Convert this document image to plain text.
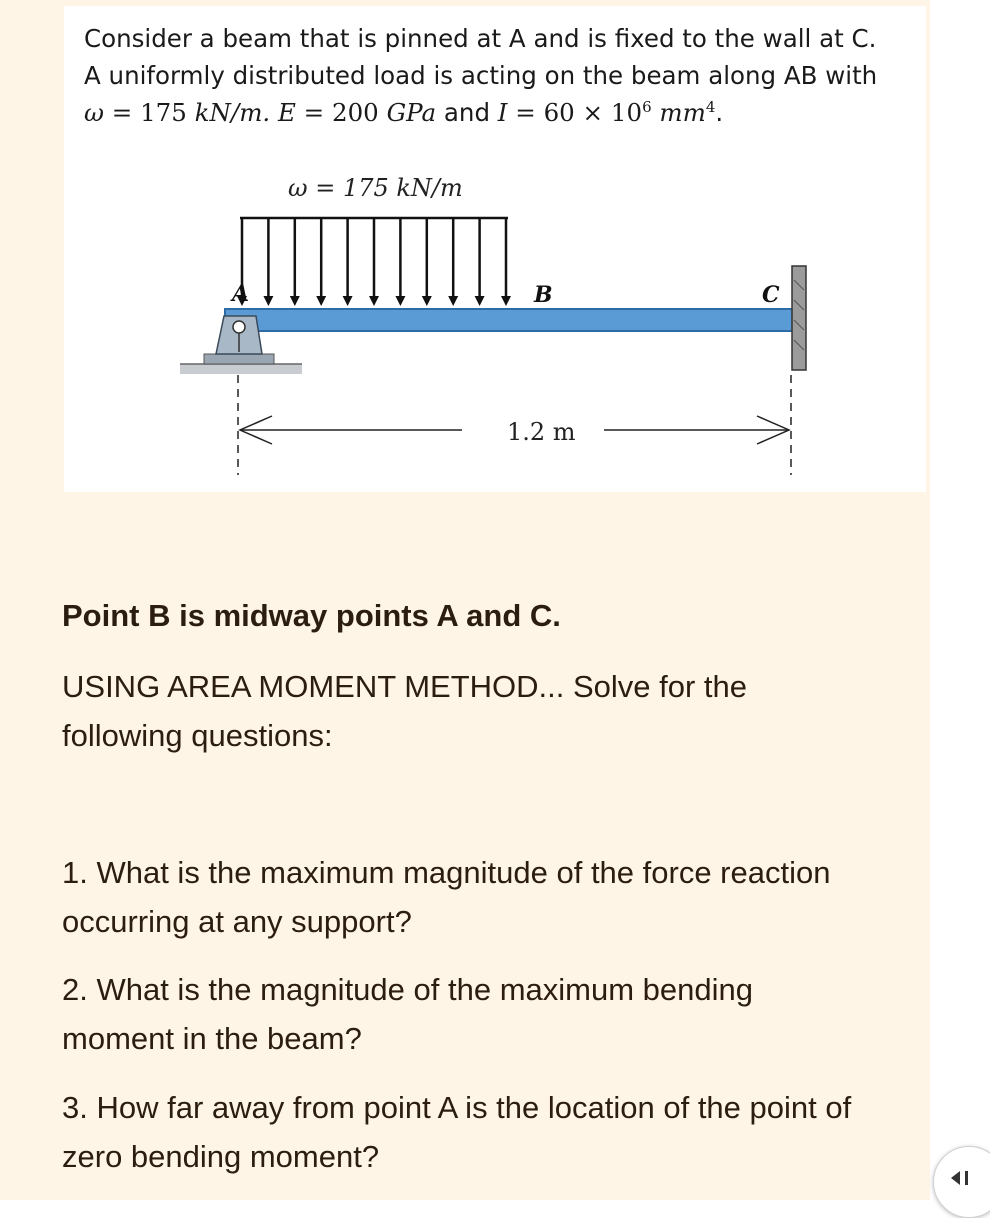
Consider a beam that is pinned at A and is fixed to the wall at C.
A uniformly distributed load is acting on the beam along AB with
ω = 175 kN/m. E = 200 GPa and $I = 60 \times 10^6$ $mm^4$.
ω = 175 kN/m
A	B	C
1.2 m
Point B is midway points A and C.
USING AREA MOMENT METHOD... Solve for the following questions:
1. What is the maximum magnitude of the force reaction occurring at any support?
2. What is the magnitude of the maximum bending moment in the beam?
3. How far away from point A is the location of the point of zero bending moment?
